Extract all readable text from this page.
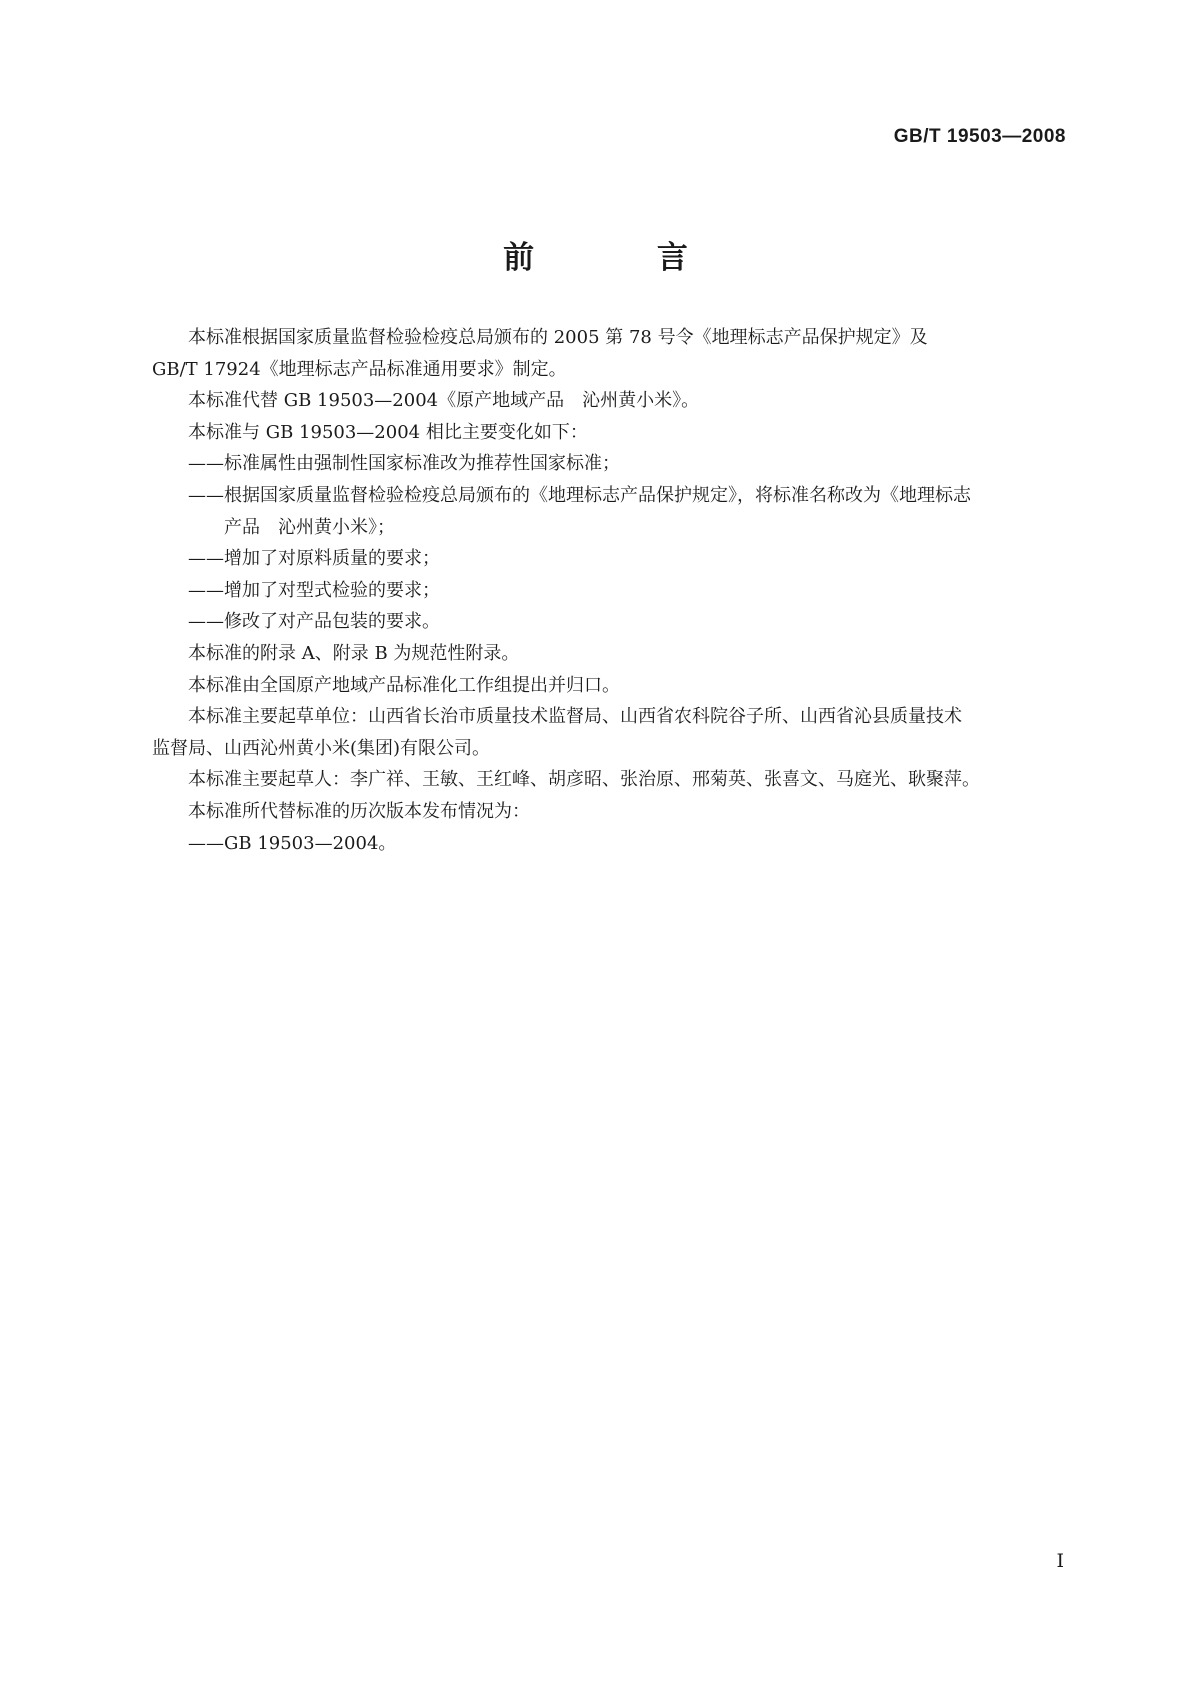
GB/T 19503—2008
前 言

本标准根据国家质量监督检验检疫总局颁布的 2005 第 78 号令《地理标志产品保护规定》及
GB/T 17924《地理标志产品标准通用要求》制定。

本标准代替 GB 19503—2004《原产地域产品　沁州黄小米》。

本标准与 GB 19503—2004 相比主要变化如下：

——标准属性由强制性国家标准改为推荐性国家标准；

——根据国家质量监督检验检疫总局颁布的《地理标志产品保护规定》，将标准名称改为《地理标志
产品　沁州黄小米》；

——增加了对原料质量的要求；

——增加了对型式检验的要求；

——修改了对产品包装的要求。

本标准的附录 A、附录 B 为规范性附录。

本标准由全国原产地域产品标准化工作组提出并归口。

本标准主要起草单位：山西省长治市质量技术监督局、山西省农科院谷子所、山西省沁县质量技术
监督局、山西沁州黄小米(集团)有限公司。

本标准主要起草人：李广祥、王敏、王红峰、胡彦昭、张治原、邢菊英、张喜文、马庭光、耿聚萍。

本标准所代替标准的历次版本发布情况为：

——GB 19503—2004。

I
